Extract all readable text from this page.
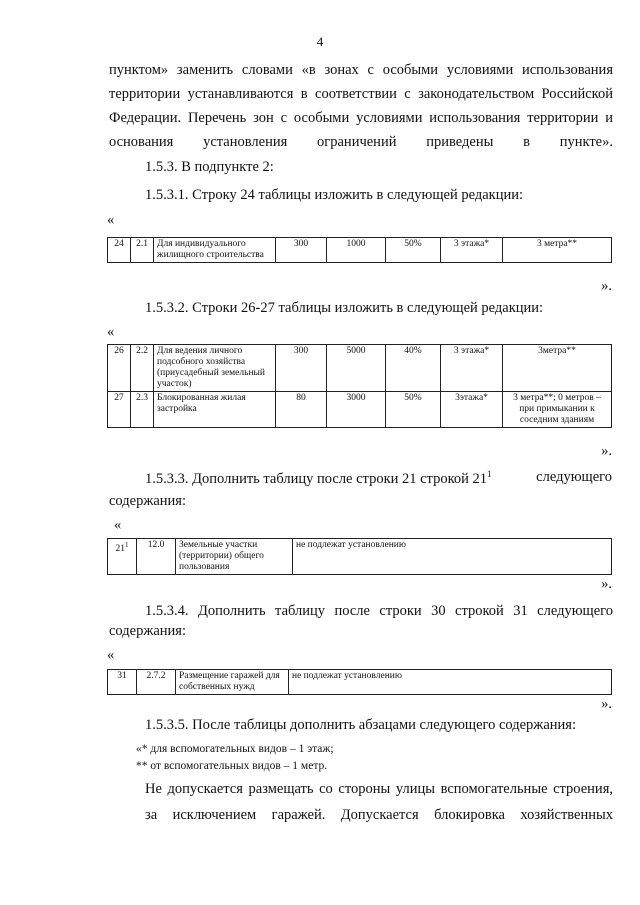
4
пунктом» заменить словами «в зонах с особыми условиями использования территории устанавливаются в соответствии с законодательством Российской Федерации. Перечень зон с особыми условиями использования территории и основания установления ограничений приведены в пункте».
1.5.3. В подпункте 2:
1.5.3.1. Строку 24 таблицы изложить в следующей редакции:
«
24	2.1	Для индивидуального жилищного строительства	300	1000	50%	3 этажа*	3 метра**
».
1.5.3.2. Строки 26-27 таблицы изложить в следующей редакции:
«
26	2.2	Для ведения личного подсобного хозяйства (приусадебный земельный участок)	300	5000	40%	3 этажа*	3метра**
27	2.3	Блокированная жилая застройка	80	3000	50%	3этажа*	3 метра**; 0 метров – при примыкании к соседним зданиям
».
1.5.3.3. Дополнить таблицу после строки 21 строкой $21^1$	следующего
содержания:
«
$21^1$	12.0	Земельные участки (территории) общего пользования	не подлежат установлению
».
1.5.3.4. Дополнить таблицу после строки 30 строкой 31 следующего
содержания:
«
31	2.7.2	Размещение гаражей для собственных нужд	не подлежат установлению
».
1.5.3.5. После таблицы дополнить абзацами следующего содержания:
«* для вспомогательных видов – 1 этаж;
** от вспомогательных видов – 1 метр.
Не допускается размещать со стороны улицы вспомогательные строения, за исключением гаражей. Допускается блокировка хозяйственных
